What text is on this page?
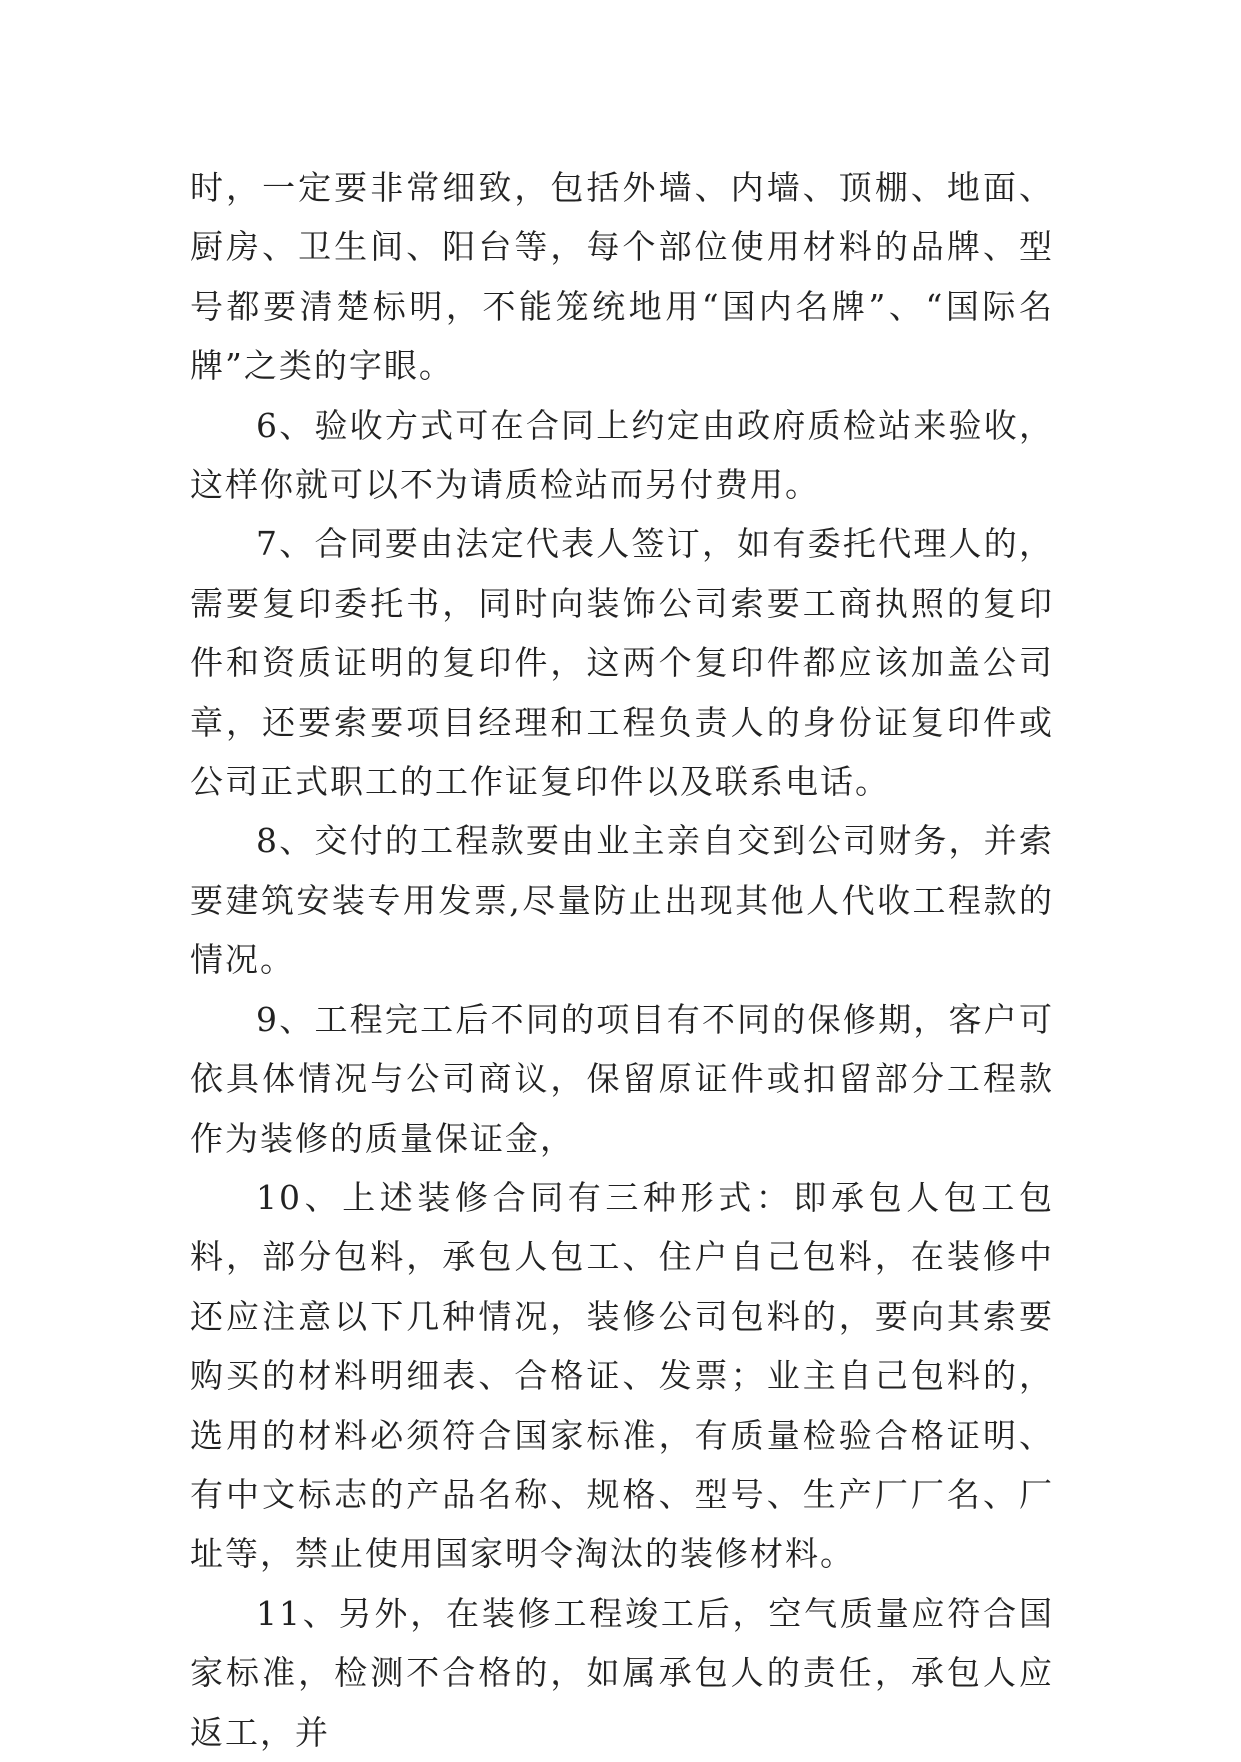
时，一定要非常细致，包括外墙、内墙、顶棚、地面、厨房、卫生间、阳台等，每个部位使用材料的品牌、型号都要清楚标明，不能笼统地用“国内名牌”、“国际名牌”之类的字眼。

6、验收方式可在合同上约定由政府质检站来验收，这样你就可以不为请质检站而另付费用。

7、合同要由法定代表人签订，如有委托代理人的，需要复印委托书，同时向装饰公司索要工商执照的复印件和资质证明的复印件，这两个复印件都应该加盖公司章，还要索要项目经理和工程负责人的身份证复印件或公司正式职工的工作证复印件以及联系电话。

8、交付的工程款要由业主亲自交到公司财务，并索要建筑安装专用发票,尽量防止出现其他人代收工程款的情况。

9、工程完工后不同的项目有不同的保修期，客户可依具体情况与公司商议，保留原证件或扣留部分工程款作为装修的质量保证金，

10、上述装修合同有三种形式：即承包人包工包料，部分包料，承包人包工、住户自己包料，在装修中还应注意以下几种情况，装修公司包料的，要向其索要购买的材料明细表、合格证、发票；业主自己包料的，选用的材料必须符合国家标准，有质量检验合格证明、有中文标志的产品名称、规格、型号、生产厂厂名、厂址等，禁止使用国家明令淘汰的装修材料。

11、另外，在装修工程竣工后，空气质量应符合国家标准，检测不合格的，如属承包人的责任，承包人应返工，并
